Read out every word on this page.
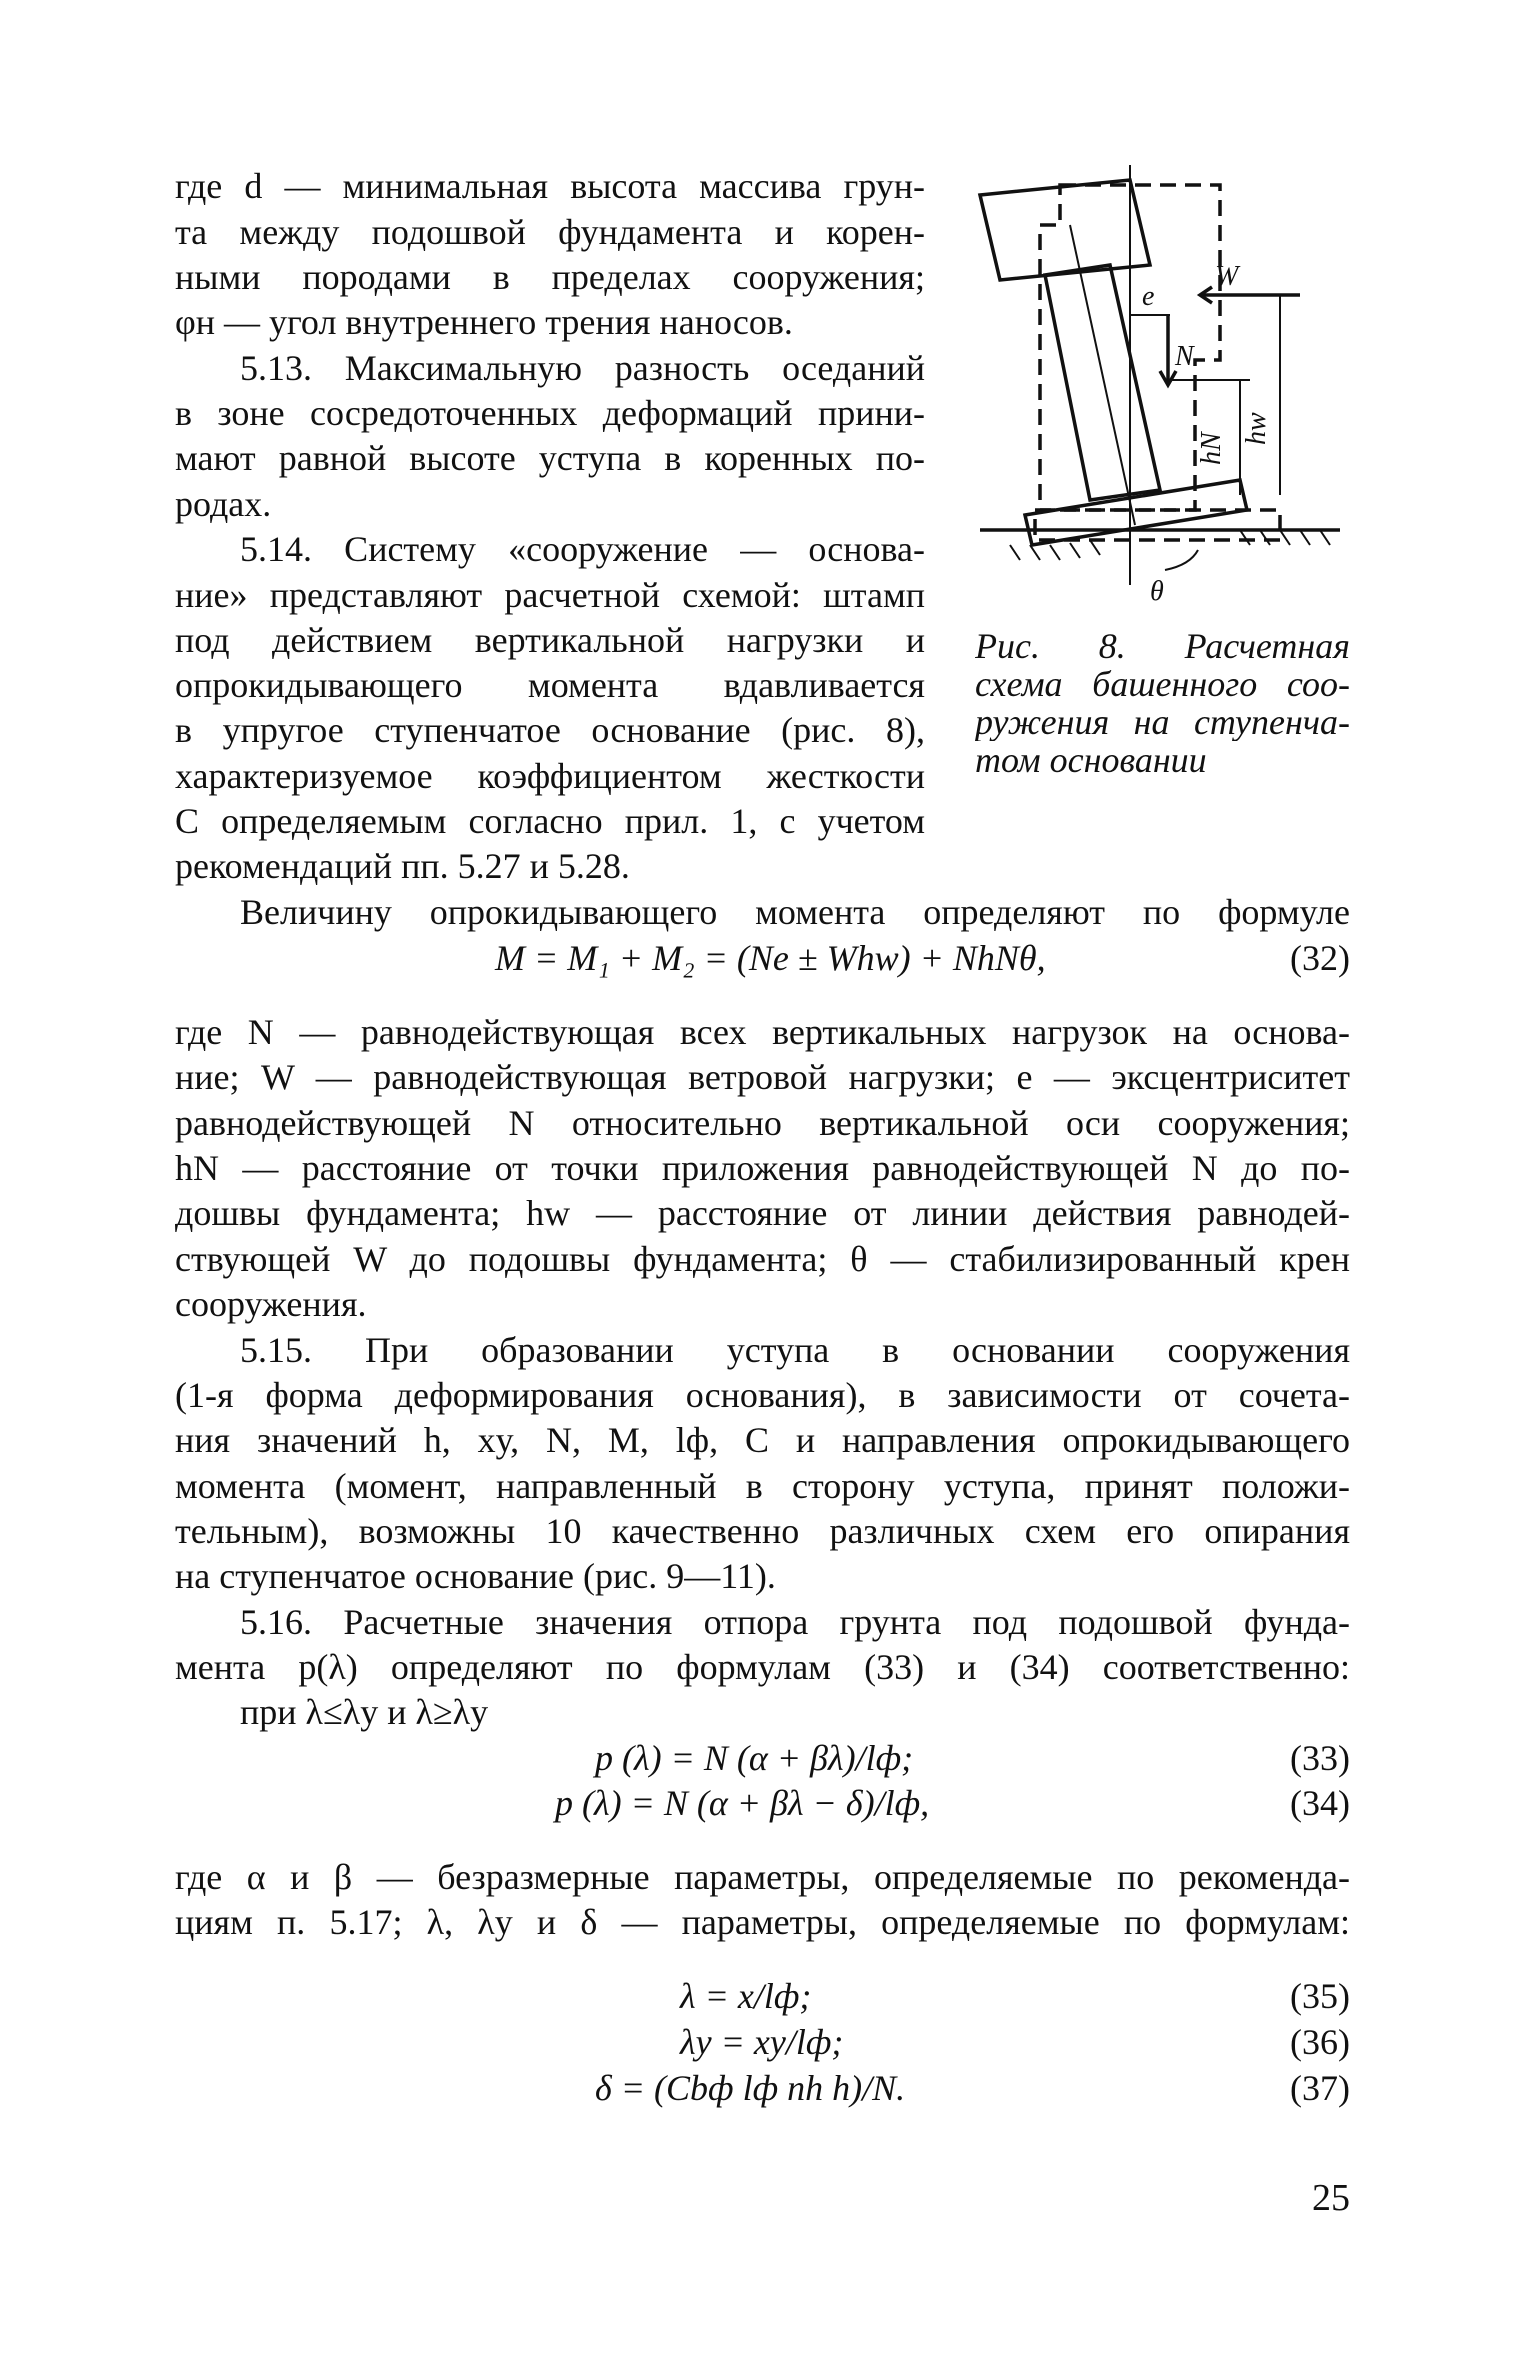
W
e
N
hN
hw
θ
Рис. 8. Расчетная
схема башенного соо-
ружения на ступенча-
том основании
где d — минимальная высота массива грун-
та между подошвой фундамента и корен-
ными породами в пределах сооружения;
φн — угол внутреннего трения наносов.
5.13. Максимальную разность оседаний
в зоне сосредоточенных деформаций прини-
мают равной высоте уступа в коренных по-
родах.
5.14. Систему «сооружение — основа-
ние» представляют расчетной схемой: штамп
под действием вертикальной нагрузки и
опрокидывающего момента вдавливается
в упругое ступенчатое основание (рис. 8),
характеризуемое коэффициентом жесткости
C определяемым согласно прил. 1, с учетом
рекомендаций пп. 5.27 и 5.28.
Величину опрокидывающего момента определяют по формуле
M = M₁ + M₂ = (Ne ± Whw) + NhNθ,	(32)
где N — равнодействующая всех вертикальных нагрузок на основа-
ние; W — равнодействующая ветровой нагрузки; e — эксцентриситет
равнодействующей N относительно вертикальной оси сооружения;
hN — расстояние от точки приложения равнодействующей N до по-
дошвы фундамента; hw — расстояние от линии действия равнодей-
ствующей W до подошвы фундамента; θ — стабилизированный крен
сооружения.
5.15. При образовании уступа в основании сооружения
(1-я форма деформирования основания), в зависимости от сочета-
ния значений h, xу, N, M, lф, C и направления опрокидывающего
момента (момент, направленный в сторону уступа, принят положи-
тельным), возможны 10 качественно различных схем его опирания
на ступенчатое основание (рис. 9—11).
5.16. Расчетные значения отпора грунта под подошвой фунда-
мента p(λ) определяют по формулам (33) и (34) соответственно:
при λ≤λу и λ≥λу
p (λ) = N (α + βλ)/lф;	(33)
p (λ) = N (α + βλ − δ)/lф,	(34)
где α и β — безразмерные параметры, определяемые по рекоменда-
циям п. 5.17; λ, λу и δ — параметры, определяемые по формулам:
λ = x/lф;	(35)
λу = xу/lф;	(36)
δ = (Cbф lф nh h)/N.	(37)
25
